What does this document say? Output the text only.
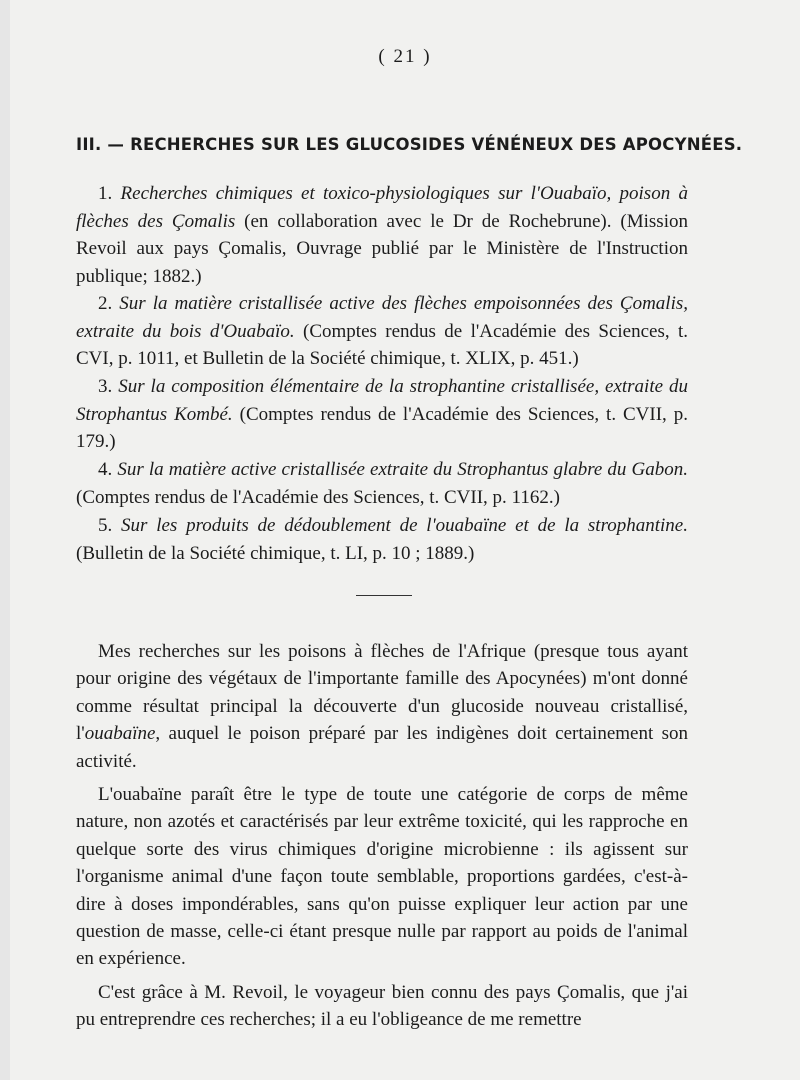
( 21 )
III. — RECHERCHES SUR LES GLUCOSIDES VÉNÉNEUX DES APOCYNÉES.
1. Recherches chimiques et toxico-physiologiques sur l'Ouabaïo, poison à flèches des Çomalis (en collaboration avec le Dr de Rochebrune). (Mission Revoil aux pays Çomalis, Ouvrage publié par le Ministère de l'Instruction publique; 1882.)
2. Sur la matière cristallisée active des flèches empoisonnées des Çomalis, extraite du bois d'Ouabaïo. (Comptes rendus de l'Académie des Sciences, t. CVI, p. 1011, et Bulletin de la Société chimique, t. XLIX, p. 451.)
3. Sur la composition élémentaire de la strophantine cristallisée, extraite du Strophantus Kombé. (Comptes rendus de l'Académie des Sciences, t. CVII, p. 179.)
4. Sur la matière active cristallisée extraite du Strophantus glabre du Gabon. (Comptes rendus de l'Académie des Sciences, t. CVII, p. 1162.)
5. Sur les produits de dédoublement de l'ouabaïne et de la strophantine. (Bulletin de la Société chimique, t. LI, p. 10 ; 1889.)

Mes recherches sur les poisons à flèches de l'Afrique (presque tous ayant pour origine des végétaux de l'importante famille des Apocynées) m'ont donné comme résultat principal la découverte d'un glucoside nouveau cristallisé, l'ouabaïne, auquel le poison préparé par les indigènes doit certainement son activité.

L'ouabaïne paraît être le type de toute une catégorie de corps de même nature, non azotés et caractérisés par leur extrême toxicité, qui les rapproche en quelque sorte des virus chimiques d'origine microbienne : ils agissent sur l'organisme animal d'une façon toute semblable, proportions gardées, c'est-à-dire à doses impondérables, sans qu'on puisse expliquer leur action par une question de masse, celle-ci étant presque nulle par rapport au poids de l'animal en expérience.

C'est grâce à M. Revoil, le voyageur bien connu des pays Çomalis, que j'ai pu entreprendre ces recherches; il a eu l'obligeance de me remettre
